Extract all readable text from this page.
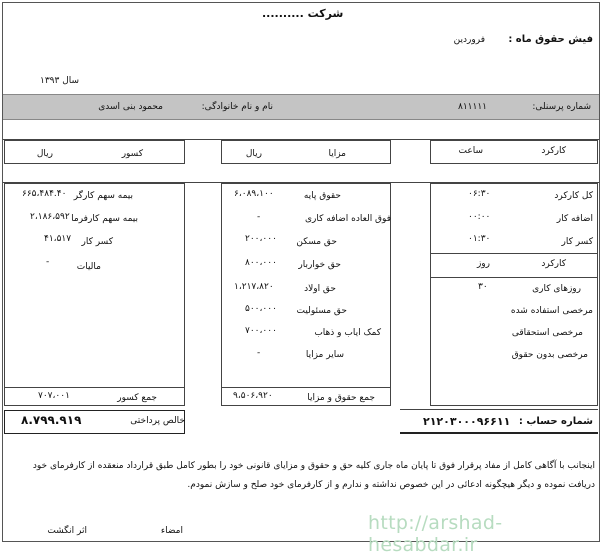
شرکت ..........
فیش حقوق ماه :
فروردین
سال ۱۳۹۳
شماره پرسنلی:
۸۱۱۱۱۱
نام و نام خانوادگی:
محمود بنی اسدی
کارکرد
ساعت
مزایا
ریال
کسور
ریال
کل کارکرد
۰۶:۳۰
اضافه کار
۰۰:۰۰
کسر کار
۰۱:۳۰
کارکرد
روز
روزهای کاری
۳۰
مرخصی استفاده شده
مرخصی استحقاقی
مرخصی بدون حقوق
حقوق پایه
۶،۰۸۹،۱۰۰
فوق العاده اضافه کاری
-
حق مسکن
۲۰۰،۰۰۰
حق خواربار
۸۰۰،۰۰۰
حق اولاد
۱،۲۱۷،۸۲۰
حق مسئولیت
۵۰۰،۰۰۰
کمک ایاب و ذهاب
۷۰۰،۰۰۰
سایر مزایا
-
جمع حقوق و مزایا
۹،۵۰۶،۹۲۰
بیمه سهم کارگر
۶۶۵،۴۸۴.۴۰
بیمه سهم کارفرما
۲،۱۸۶،۵۹۲
کسر کار
۴۱،۵۱۷
مالیات
-
جمع کسور
۷۰۷،۰۰۱
خالص پرداختی
۸.۷۹۹.۹۱۹	شماره حساب :
۲۱۲۰۳۰۰۰۹۶۶۱۱
اینجانب با آگاهی کامل از مفاد پرقرار فوق تا پایان ماه جاری کلیه حق و حقوق و مزایای قانونی خود را بطور کامل طبق قرارداد منعقده از کارفرمای خود
دریافت نموده و دیگر هیچگونه ادعائی در این خصوص نداشته و ندارم و از کارفرمای خود صلح و سازش نمودم.
امضاء
اثر انگشت	http://arshad-hesabdar.ir
